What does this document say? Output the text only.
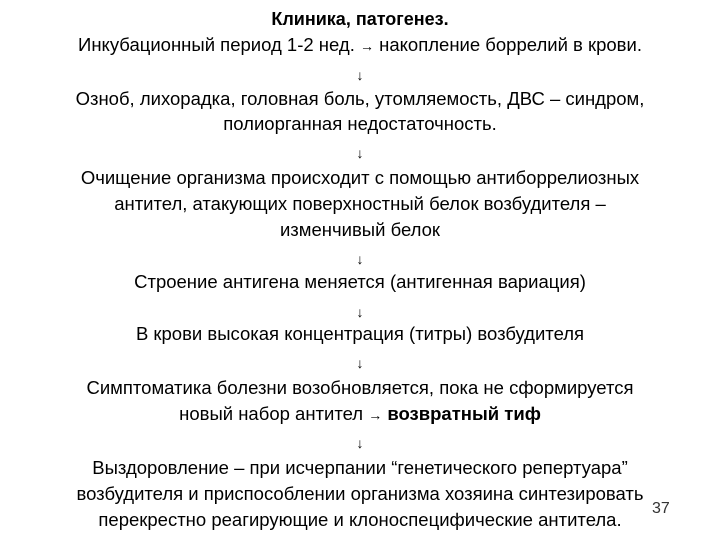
Клиника, патогенез.
Инкубационный период 1-2 нед. → накопление боррелий в крови.
↓
Озноб, лихорадка, головная боль, утомляемость, ДВС – синдром,
полиорганная недостаточность.
↓
Очищение организма происходит с помощью антиборрелиозных
антител, атакующих поверхностный белок возбудителя –
изменчивый белок
↓
Строение антигена меняется (антигенная вариация)
↓
В крови высокая концентрация (титры) возбудителя
↓
Симптоматика болезни возобновляется, пока не сформируется
новый набор антител → возвратный тиф
↓
Выздоровление – при исчерпании “генетического репертуара”
возбудителя и приспособлении организма хозяина синтезировать
перекрестно реагирующие и клоноспецифические антитела.
37
